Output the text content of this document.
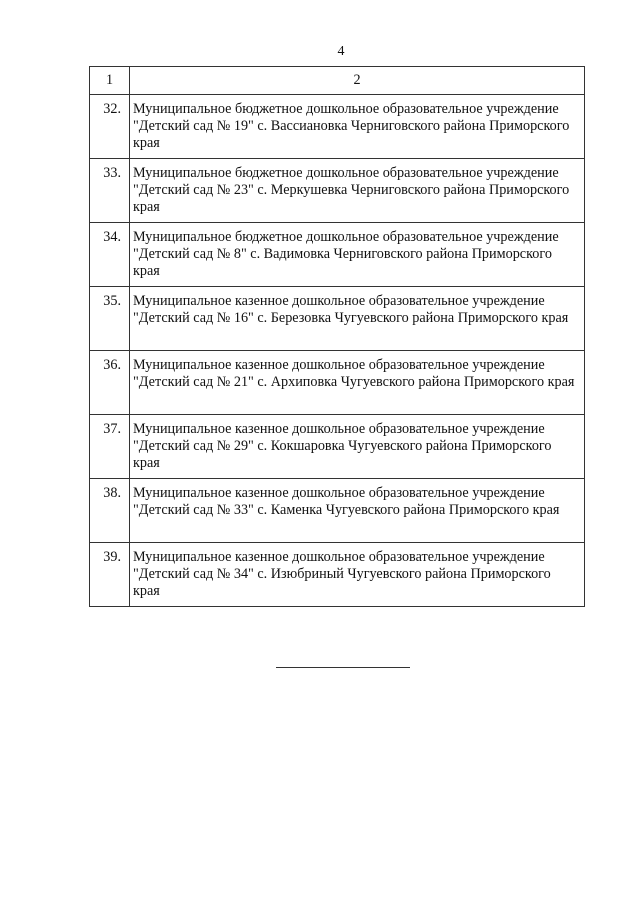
4
1	2
32.	Муниципальное бюджетное дошкольное образовательное учреждение "Детский сад № 19" с. Вассиановка Черниговского района Приморского края
33.	Муниципальное бюджетное дошкольное образовательное учреждение "Детский сад № 23" с. Меркушевка Черниговского района Приморского края
34.	Муниципальное бюджетное дошкольное образовательное учреждение "Детский сад № 8" с. Вадимовка Черниговского района Приморского края
35.	Муниципальное казенное дошкольное образовательное учреждение "Детский сад № 16" с. Березовка Чугуевского района Приморского края
36.	Муниципальное казенное дошкольное образовательное учреждение "Детский сад № 21" с. Архиповка Чугуевского района Приморского края
37.	Муниципальное казенное дошкольное образовательное учреждение "Детский сад № 29" с. Кокшаровка Чугуевского района Приморского края
38.	Муниципальное казенное дошкольное образовательное учреждение "Детский сад № 33" с. Каменка Чугуевского района Приморского края
39.	Муниципальное казенное дошкольное образовательное учреждение "Детский сад № 34" с. Изюбриный Чугуевского района Приморского края
